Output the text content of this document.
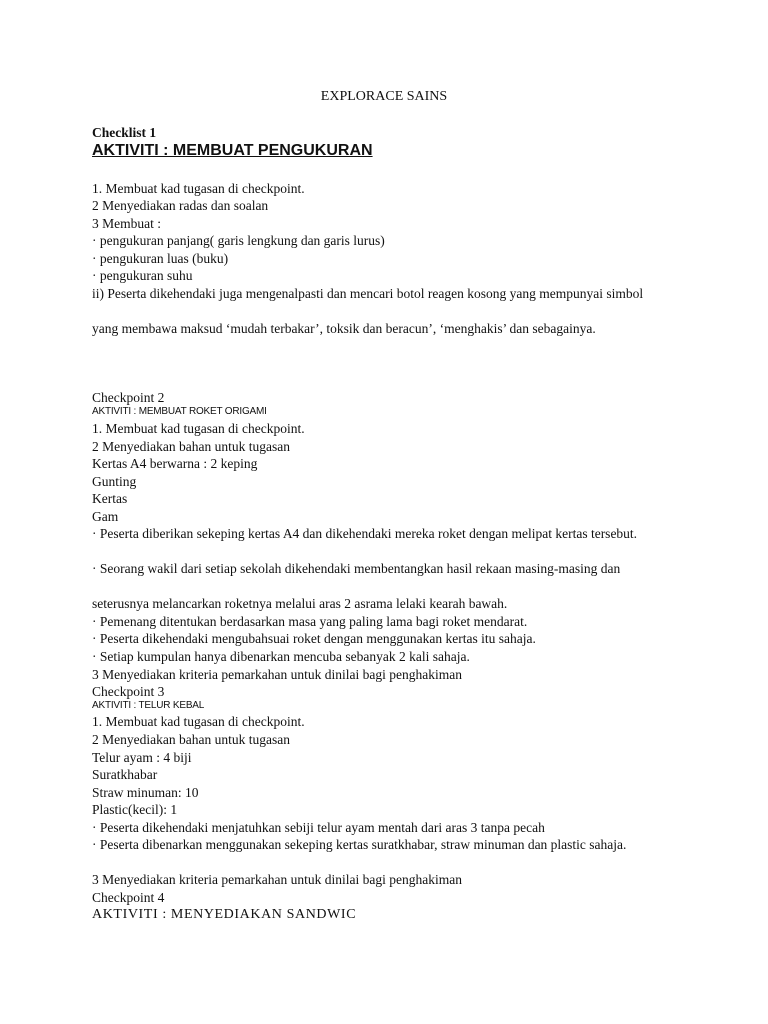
EXPLORACE SAINS
Checklist 1
AKTIVITI : MEMBUAT PENGUKURAN
1. Membuat kad tugasan di checkpoint.
2 Menyediakan radas dan soalan
3 Membuat :
· pengukuran panjang( garis lengkung dan garis lurus)
· pengukuran luas (buku)
· pengukuran suhu
ii) Peserta dikehendaki juga mengenalpasti dan mencari botol reagen kosong yang mempunyai simbol
yang membawa maksud ‘mudah terbakar’, toksik dan beracun’, ‘menghakis’ dan sebagainya.
Checkpoint 2
AKTIVITI : MEMBUAT ROKET ORIGAMI
1. Membuat kad tugasan di checkpoint.
2 Menyediakan bahan untuk tugasan
Kertas A4 berwarna : 2 keping
Gunting
Kertas
Gam
· Peserta diberikan sekeping kertas A4 dan dikehendaki mereka roket dengan melipat kertas tersebut.
· Seorang wakil dari setiap sekolah dikehendaki membentangkan hasil rekaan masing-masing dan
seterusnya melancarkan roketnya melalui aras 2 asrama lelaki kearah bawah.
· Pemenang ditentukan berdasarkan masa yang paling lama bagi roket mendarat.
· Peserta dikehendaki mengubahsuai roket dengan menggunakan kertas itu sahaja.
· Setiap kumpulan hanya dibenarkan mencuba sebanyak 2 kali sahaja.
3 Menyediakan kriteria pemarkahan untuk dinilai bagi penghakiman
Checkpoint 3
AKTIVITI : TELUR KEBAL
1. Membuat kad tugasan di checkpoint.
2 Menyediakan bahan untuk tugasan
Telur ayam : 4 biji
Suratkhabar
Straw minuman: 10
Plastic(kecil): 1
· Peserta dikehendaki menjatuhkan sebiji telur ayam mentah dari aras 3 tanpa pecah
· Peserta dibenarkan menggunakan sekeping kertas suratkhabar, straw minuman dan plastic sahaja.
3 Menyediakan kriteria pemarkahan untuk dinilai bagi penghakiman
Checkpoint 4
AKTIVITI : MENYEDIAKAN SANDWIC
